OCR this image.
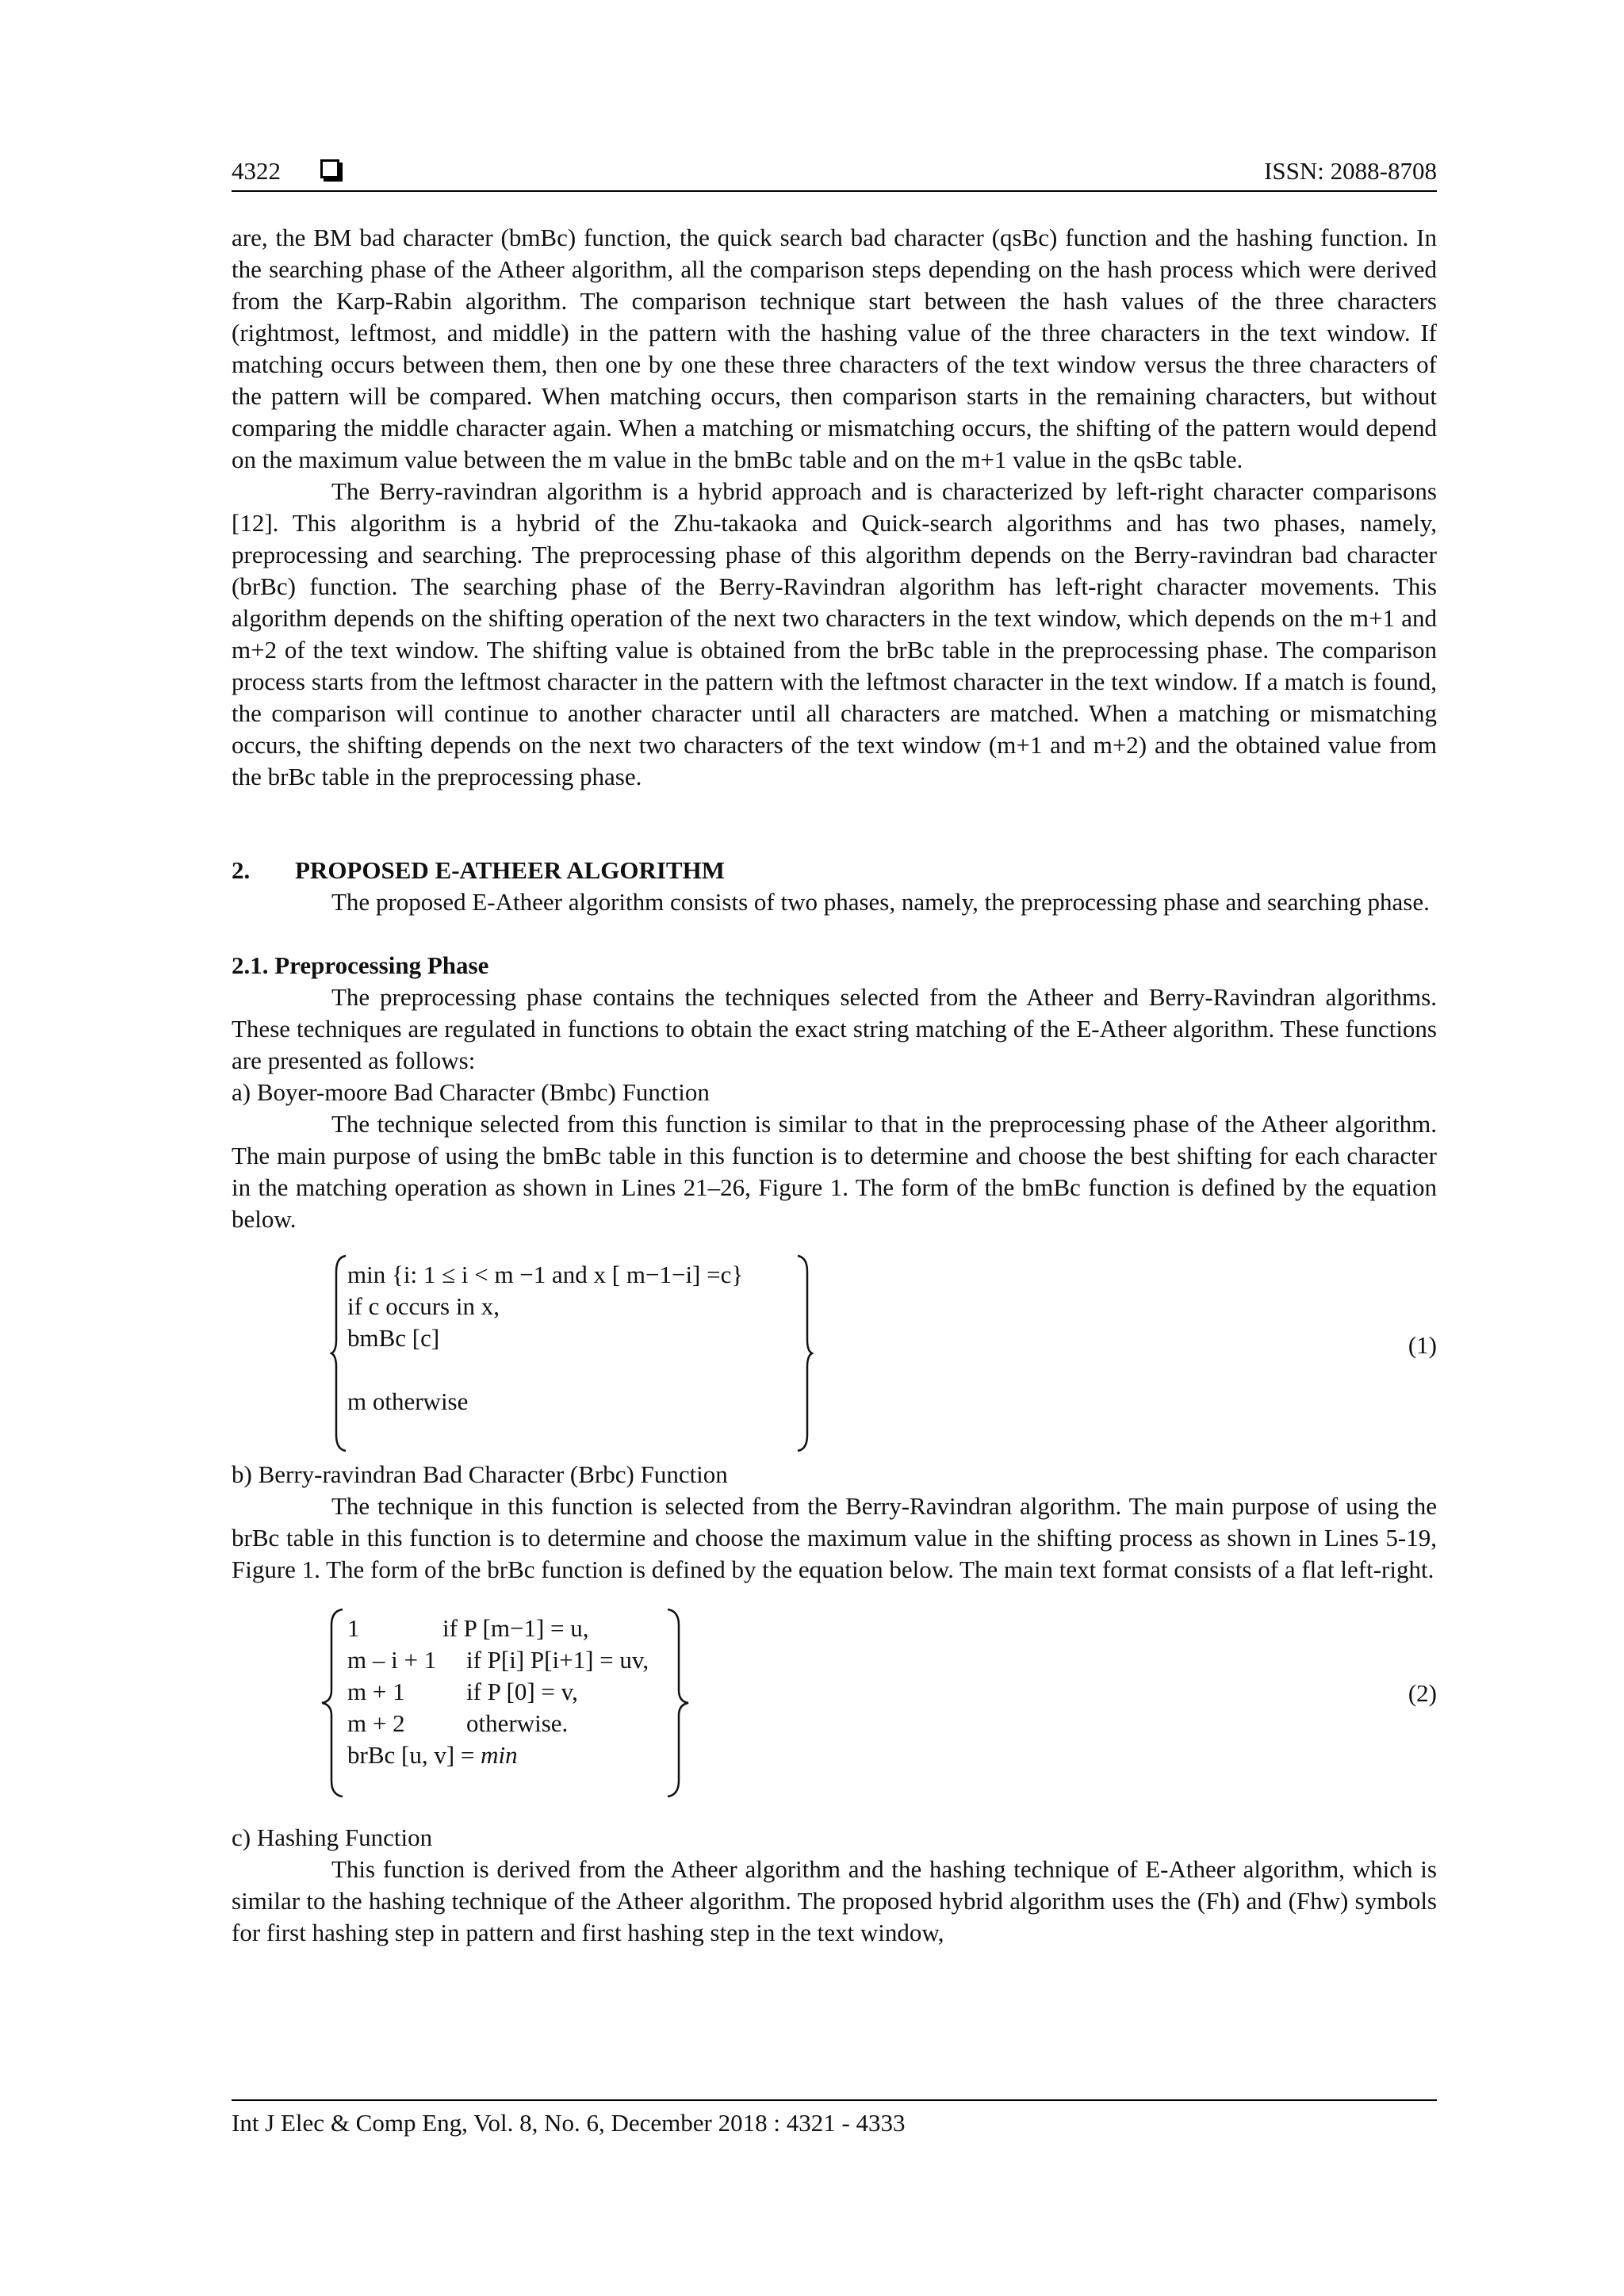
4322	ISSN: 2088-8708

are, the BM bad character (bmBc) function, the quick search bad character (qsBc) function and the hashing function. In the searching phase of the Atheer algorithm, all the comparison steps depending on the hash process which were derived from the Karp-Rabin algorithm. The comparison technique start between the hash values of the three characters (rightmost, leftmost, and middle) in the pattern with the hashing value of the three characters in the text window. If matching occurs between them, then one by one these three characters of the text window versus the three characters of the pattern will be compared. When matching occurs, then comparison starts in the remaining characters, but without comparing the middle character again. When a matching or mismatching occurs, the shifting of the pattern would depend on the maximum value between the m value in the bmBc table and on the m+1 value in the qsBc table.

The Berry-ravindran algorithm is a hybrid approach and is characterized by left-right character comparisons [12]. This algorithm is a hybrid of the Zhu-takaoka and Quick-search algorithms and has two phases, namely, preprocessing and searching. The preprocessing phase of this algorithm depends on the Berry-ravindran bad character (brBc) function. The searching phase of the Berry-Ravindran algorithm has left-right character movements. This algorithm depends on the shifting operation of the next two characters in the text window, which depends on the m+1 and m+2 of the text window. The shifting value is obtained from the brBc table in the preprocessing phase. The comparison process starts from the leftmost character in the pattern with the leftmost character in the text window. If a match is found, the comparison will continue to another character until all characters are matched. When a matching or mismatching occurs, the shifting depends on the next two characters of the text window (m+1 and m+2) and the obtained value from the brBc table in the preprocessing phase.

2. PROPOSED E-ATHEER ALGORITHM

The proposed E-Atheer algorithm consists of two phases, namely, the preprocessing phase and searching phase.

2.1. Preprocessing Phase

The preprocessing phase contains the techniques selected from the Atheer and Berry-Ravindran algorithms. These techniques are regulated in functions to obtain the exact string matching of the E-Atheer algorithm. These functions are presented as follows:

a) Boyer-moore Bad Character (Bmbc) Function

The technique selected from this function is similar to that in the preprocessing phase of the Atheer algorithm. The main purpose of using the bmBc table in this function is to determine and choose the best shifting for each character in the matching operation as shown in Lines 21–26, Figure 1. The form of the bmBc function is defined by the equation below.

min {i: 1 ≤ i < m −1 and x [ m−1−i] =c}
if c occurs in x,
bmBc [c]
m otherwise
(1)

b) Berry-ravindran Bad Character (Brbc) Function

The technique in this function is selected from the Berry-Ravindran algorithm. The main purpose of using the brBc table in this function is to determine and choose the maximum value in the shifting process as shown in Lines 5-19, Figure 1. The form of the brBc function is defined by the equation below. The main text format consists of a flat left-right.

1	if P [m−1] = u,
m – i + 1 if P[i] P[i+1] = uv,
m + 1 if P [0] = v,
m + 2 otherwise.
brBc [u, v] = min
(2)

c) Hashing Function

This function is derived from the Atheer algorithm and the hashing technique of E-Atheer algorithm, which is similar to the hashing technique of the Atheer algorithm. The proposed hybrid algorithm uses the (Fh) and (Fhw) symbols for first hashing step in pattern and first hashing step in the text window,

Int J Elec & Comp Eng, Vol. 8, No. 6, December 2018 : 4321 - 4333
